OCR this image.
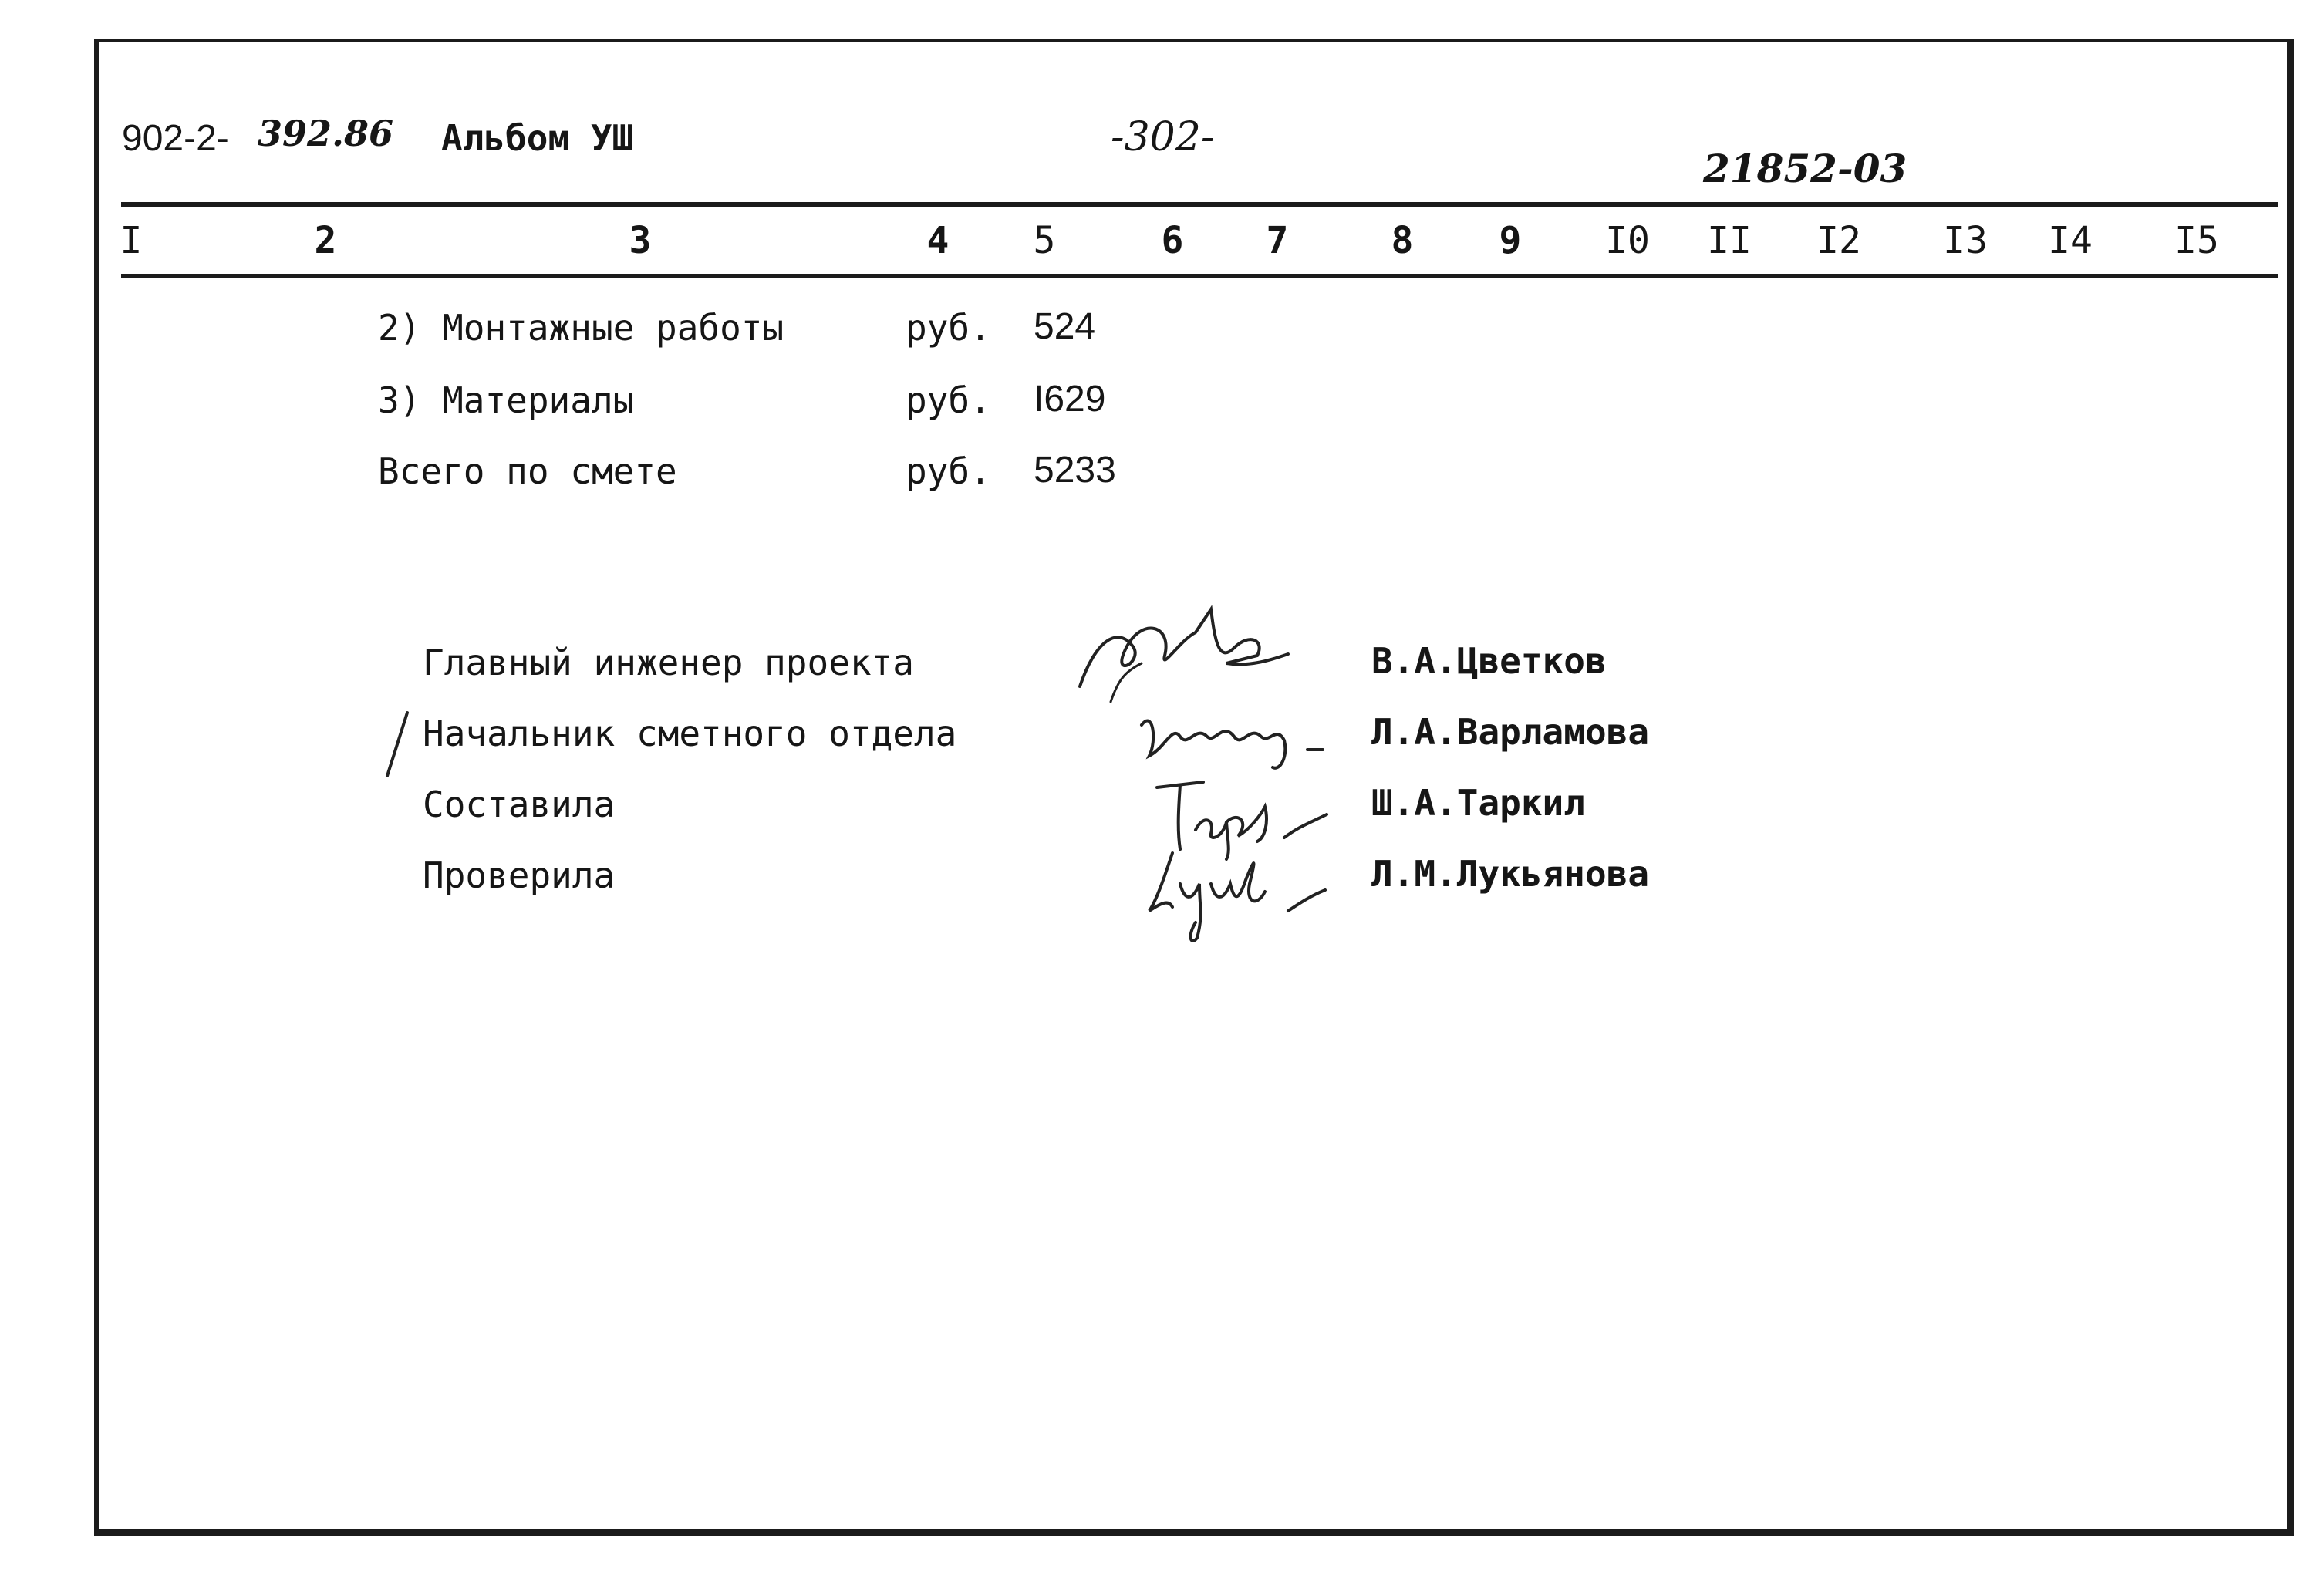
902-2- 392.86 Альбом УШ	-302-
21852-03
I	2	3	4 5	6 7	8 9 I0 II I2 I3 I4 I5
2) Монтажные работы	руб. 524
3) Материалы	руб. I629
Всего по смете	руб. 5233
Главный инженер проекта	В.А.Цветков
Начальник сметного отдела	Л.А.Варламова
Составила	Ш.А.Таркил
Проверила	Л.М.Лукьянова
